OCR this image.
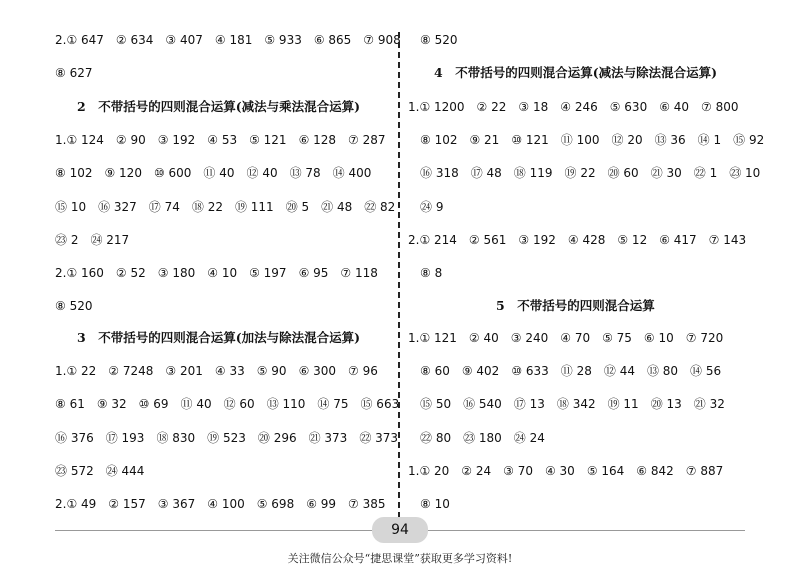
2.① 647　② 634　③ 407　④ 181　⑤ 933　⑥ 865　⑦ 908
⑧ 627
2　不带括号的四则混合运算(减法与乘法混合运算)
1.① 124　② 90　③ 192　④ 53　⑤ 121　⑥ 128　⑦ 287
⑧ 102　⑨ 120　⑩ 600　⑪ 40　⑫ 40　⑬ 78　⑭ 400
⑮ 10　⑯ 327　⑰ 74　⑱ 22　⑲ 111　⑳ 5　㉑ 48　㉒ 82
㉓ 2　㉔ 217
2.① 160　② 52　③ 180　④ 10　⑤ 197　⑥ 95　⑦ 118
⑧ 520
3　不带括号的四则混合运算(加法与除法混合运算)
1.① 22　② 7248　③ 201　④ 33　⑤ 90　⑥ 300　⑦ 96
⑧ 61　⑨ 32　⑩ 69　⑪ 40　⑫ 60　⑬ 110　⑭ 75　⑮ 663
⑯ 376　⑰ 193　⑱ 830　⑲ 523　⑳ 296　㉑ 373　㉒ 373
㉓ 572　㉔ 444
2.① 49　② 157　③ 367　④ 100　⑤ 698　⑥ 99　⑦ 385
⑧ 520
4　不带括号的四则混合运算(减法与除法混合运算)
1.① 1200　② 22　③ 18　④ 246　⑤ 630　⑥ 40　⑦ 800
⑧ 102　⑨ 21　⑩ 121　⑪ 100　⑫ 20　⑬ 36　⑭ 1　⑮ 92
⑯ 318　⑰ 48　⑱ 119　⑲ 22　⑳ 60　㉑ 30　㉒ 1　㉓ 10
㉔ 9
2.① 214　② 561　③ 192　④ 428　⑤ 12　⑥ 417　⑦ 143
⑧ 8
5　不带括号的四则混合运算
1.① 121　② 40　③ 240　④ 70　⑤ 75　⑥ 10　⑦ 720
⑧ 60　⑨ 402　⑩ 633　⑪ 28　⑫ 44　⑬ 80　⑭ 56
⑮ 50　⑯ 540　⑰ 13　⑱ 342　⑲ 11　⑳ 13　㉑ 32
㉒ 80　㉓ 180　㉔ 24
1.① 20　② 24　③ 70　④ 30　⑤ 164　⑥ 842　⑦ 887
⑧ 10
94
关注微信公众号“捷思课堂”获取更多学习资料!
